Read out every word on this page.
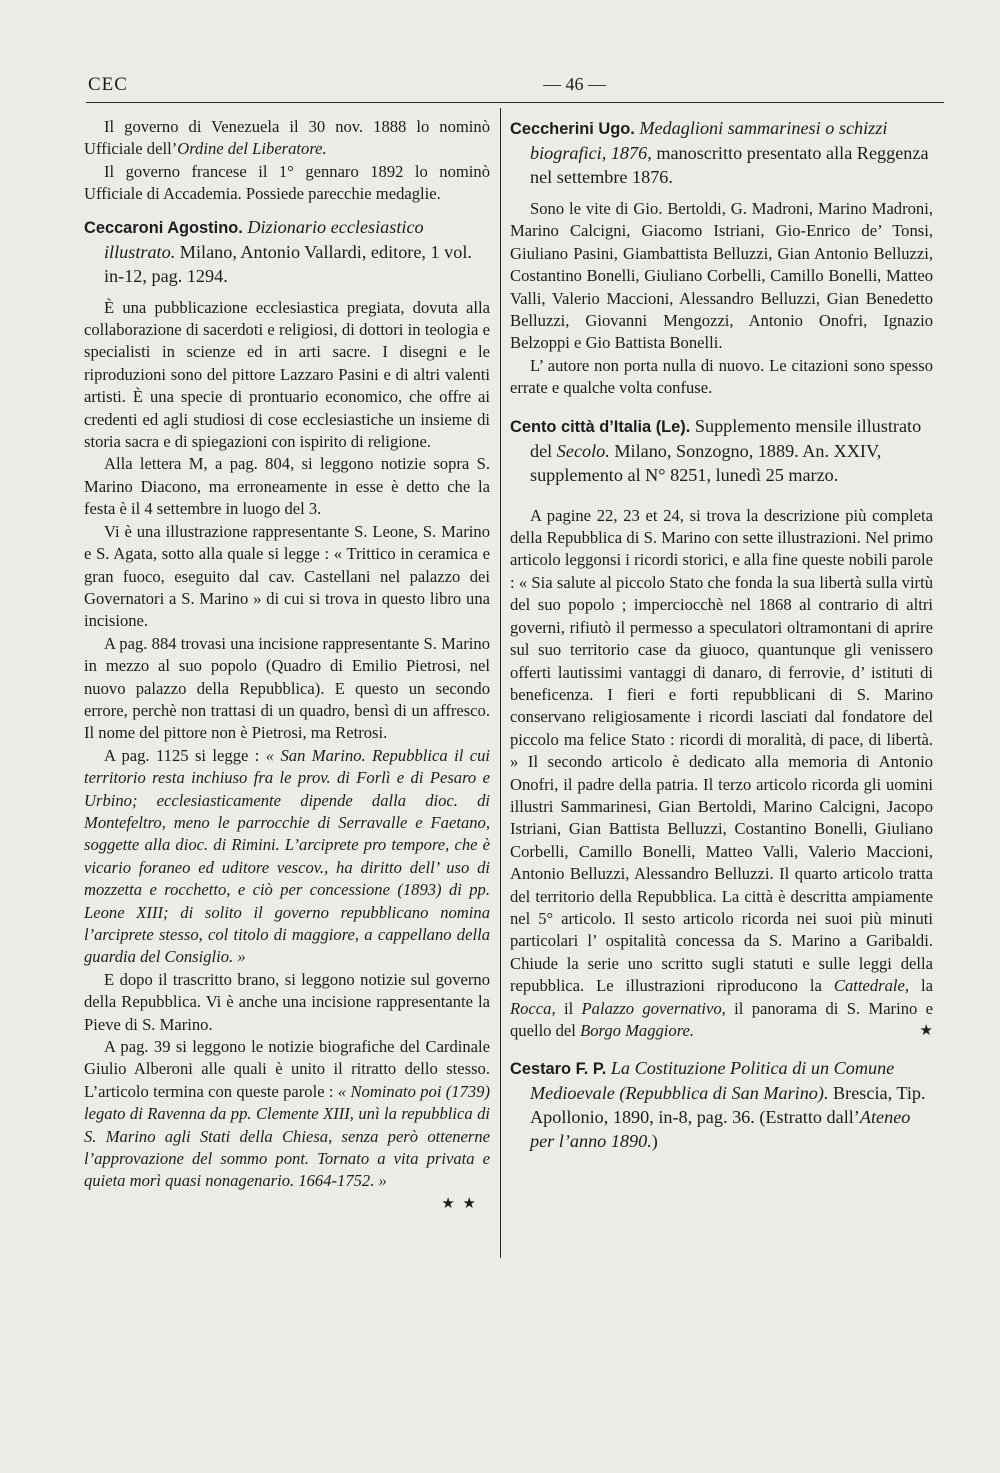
CEC	— 46 —

Il governo di Venezuela il 30 nov. 1888 lo nominò Ufficiale dell’Ordine del Liberatore.

Il governo francese il 1° gennaro 1892 lo nominò Ufficiale di Accademia. Possiede parecchie medaglie.

Ceccaroni Agostino. Dizionario ecclesiastico illustrato. Milano, Antonio Vallardi, editore, 1 vol. in-12, pag. 1294.

È una pubblicazione ecclesiastica pregiata, dovuta alla collaborazione di sacerdoti e religiosi, di dottori in teologia e specialisti in scienze ed in arti sacre. I disegni e le riproduzioni sono del pittore Lazzaro Pasini e di altri valenti artisti. È una specie di prontuario economico, che offre ai credenti ed agli studiosi di cose ecclesiastiche un insieme di storia sacra e di spiegazioni con ispirito di religione.

Alla lettera M, a pag. 804, si leggono notizie sopra S. Marino Diacono, ma erroneamente in esse è detto che la festa è il 4 settembre in luogo del 3.

Vi è una illustrazione rappresentante S. Leone, S. Marino e S. Agata, sotto alla quale si legge : « Trittico in ceramica e gran fuoco, eseguito dal cav. Castellani nel palazzo dei Governatori a S. Marino » di cui si trova in questo libro una incisione.

A pag. 884 trovasi una incisione rappresentante S. Marino in mezzo al suo popolo (Quadro di Emilio Pietrosi, nel nuovo palazzo della Repubblica). E questo un secondo errore, perchè non trattasi di un quadro, bensì di un affresco. Il nome del pittore non è Pietrosi, ma Retrosi.

A pag. 1125 si legge : « San Marino. Repubblica il cui territorio resta inchiuso fra le prov. di Forlì e di Pesaro e Urbino; ecclesiasticamente dipende dalla dioc. di Montefeltro, meno le parrocchie di Serravalle e Faetano, soggette alla dioc. di Rimini. L’arciprete pro tempore, che è vicario foraneo ed uditore vescov., ha diritto dell’ uso di mozzetta e rocchetto, e ciò per concessione (1893) di pp. Leone XIII; di solito il governo repubblicano nomina l’arciprete stesso, col titolo di maggiore, a cappellano della guardia del Consiglio. »

E dopo il trascritto brano, si leggono notizie sul governo della Repubblica. Vi è anche una incisione rappresentante la Pieve di S. Marino.

A pag. 39 si leggono le notizie biografiche del Cardinale Giulio Alberoni alle quali è unito il ritratto dello stesso. L’articolo termina con queste parole : « Nominato poi (1739) legato di Ravenna da pp. Clemente XIII, unì la repubblica di S. Marino agli Stati della Chiesa, senza però ottenerne l’approvazione del sommo pont. Tornato a vita privata e quieta morì quasi nonagenario. 1664-1752. »

★ ★

Ceccherini Ugo. Medaglioni sammarinesi o schizzi biografici, 1876, manoscritto presentato alla Reggenza nel settembre 1876.

Sono le vite di Gio. Bertoldi, G. Madroni, Marino Madroni, Marino Calcigni, Giacomo Istriani, Gio-Enrico de’ Tonsi, Giuliano Pasini, Giambattista Belluzzi, Gian Antonio Belluzzi, Costantino Bonelli, Giuliano Corbelli, Camillo Bonelli, Matteo Valli, Valerio Maccioni, Alessandro Belluzzi, Gian Benedetto Belluzzi, Giovanni Mengozzi, Antonio Onofri, Ignazio Belzoppi e Gio Battista Bonelli.

L’ autore non porta nulla di nuovo. Le citazioni sono spesso errate e qualche volta confuse.

Cento città d’Italia (Le). Supplemento mensile illustrato del Secolo. Milano, Sonzogno, 1889. An. XXIV, supplemento al N° 8251, lunedì 25 marzo.

A pagine 22, 23 et 24, si trova la descrizione più completa della Repubblica di S. Marino con sette illustrazioni. Nel primo articolo leggonsi i ricordi storici, e alla fine queste nobili parole : « Sia salute al piccolo Stato che fonda la sua libertà sulla virtù del suo popolo ; imperciocchè nel 1868 al contrario di altri governi, rifiutò il permesso a speculatori oltramontani di aprire sul suo territorio case da giuoco, quantunque gli venissero offerti lautissimi vantaggi di danaro, di ferrovie, d’ istituti di beneficenza. I fieri e forti repubblicani di S. Marino conservano religiosamente i ricordi lasciati dal fondatore del piccolo ma felice Stato : ricordi di moralità, di pace, di libertà. » Il secondo articolo è dedicato alla memoria di Antonio Onofri, il padre della patria. Il terzo articolo ricorda gli uomini illustri Sammarinesi, Gian Bertoldi, Marino Calcigni, Jacopo Istriani, Gian Battista Belluzzi, Costantino Bonelli, Giuliano Corbelli, Camillo Bonelli, Matteo Valli, Valerio Maccioni, Antonio Belluzzi, Alessandro Belluzzi. Il quarto articolo tratta del territorio della Repubblica. La città è descritta ampiamente nel 5° articolo. Il sesto articolo ricorda nei suoi più minuti particolari l’ ospitalità concessa da S. Marino a Garibaldi. Chiude la serie uno scritto sugli statuti e sulle leggi della repubblica. Le illustrazioni riproducono la Cattedrale, la Rocca, il Palazzo governativo, il panorama di S. Marino e quello del Borgo Maggiore.	★

Cestaro F. P. La Costituzione Politica di un Comune Medioevale (Repubblica di San Marino). Brescia, Tip. Apollonio, 1890, in-8, pag. 36. (Estratto dall’Ateneo per l’anno 1890.)
